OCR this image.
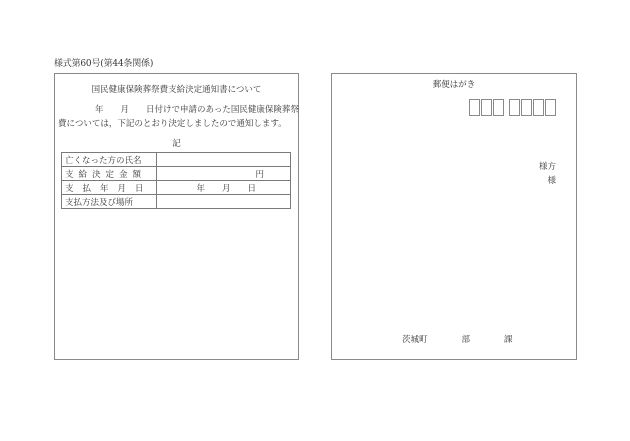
様式第60号(第44条関係)
国民健康保険葬祭費支給決定通知書について
年　　月　　日付けで申請のあった国民健康保険葬祭
費については，下記のとおり決定しましたので通知します。
記
亡くなった方の氏名	
支給決定金額	円
支払年月日	年　　月　　日
支払方法及び場所	
郵便はがき
様方
様
茨城町　　　　部　　　　課
